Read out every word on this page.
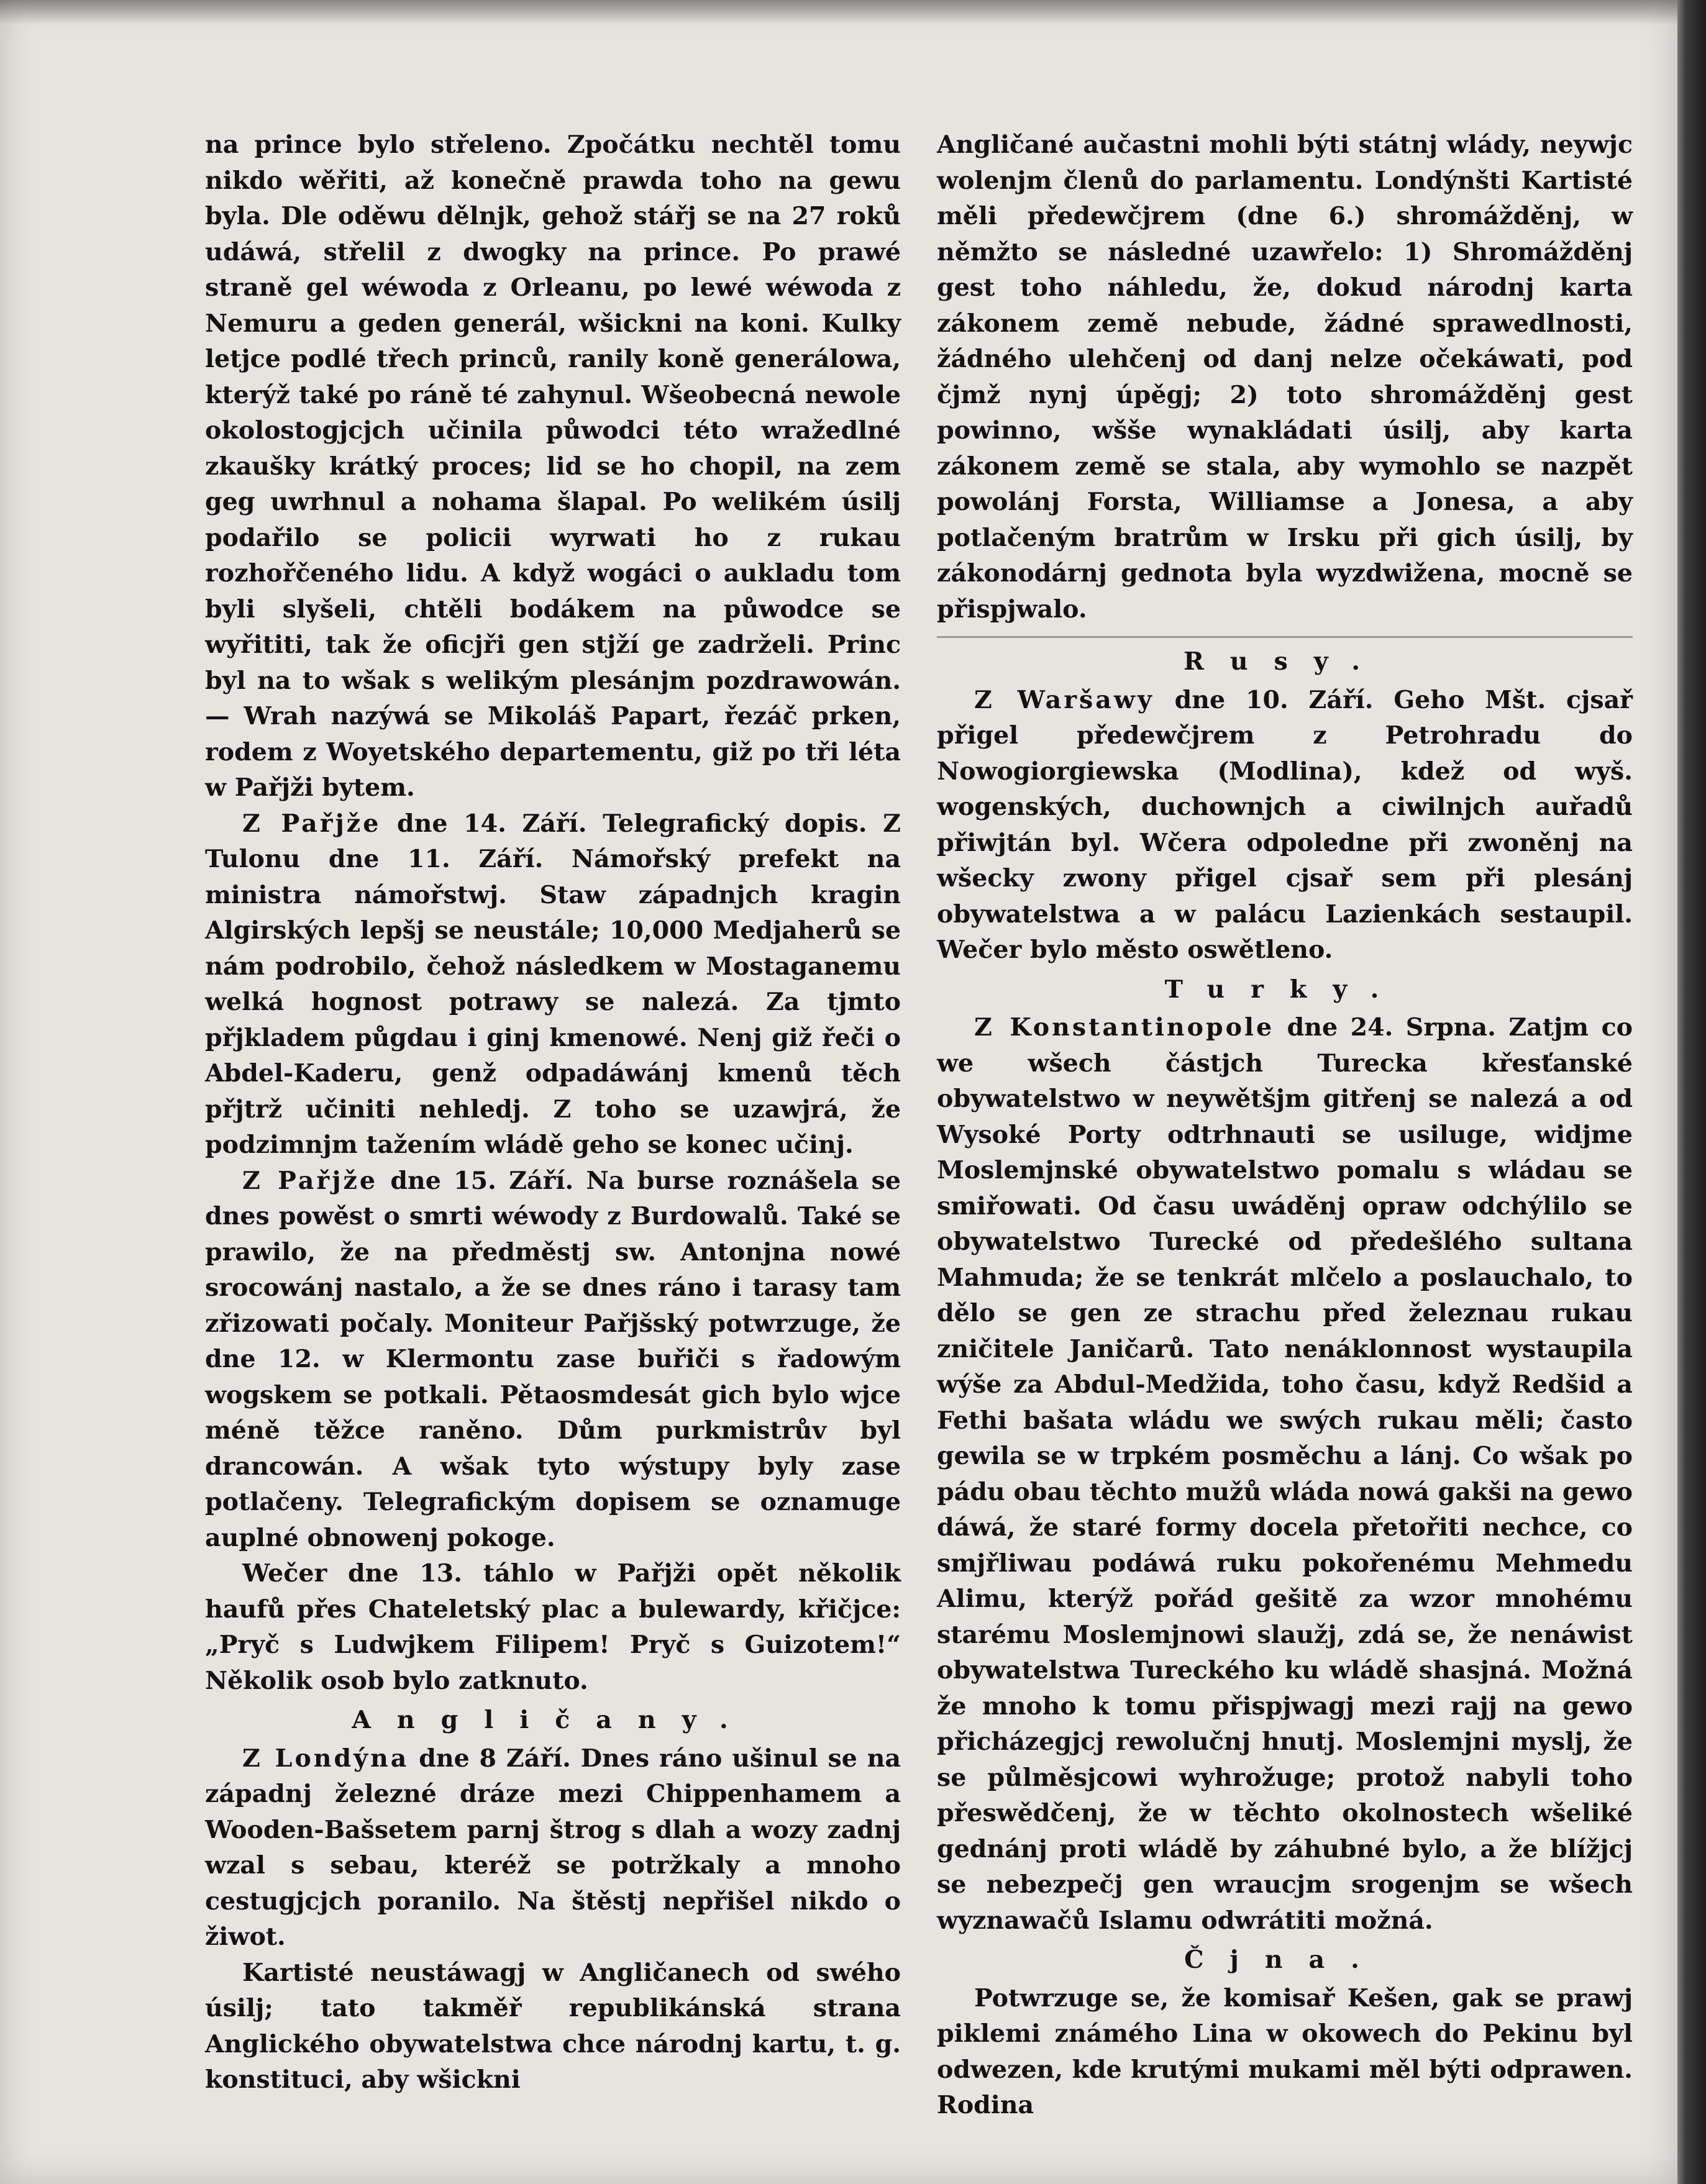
na prince bylo střeleno. Zpočátku nechtěl tomu nikdo wěřiti, až konečně prawda toho na gewu byla. Dle oděwu dělnjk, gehož stářj se na 27 roků udáwá, střelil z dwogky na prince. Po prawé straně gel wéwoda z Orleanu, po lewé wéwoda z Nemuru a geden generál, wšickni na koni. Kulky letjce podlé třech princů, ranily koně generálowa, kterýž také po ráně té zahynul. Wšeobecná newole okolostogjcjch učinila půwodci této wražedlné zkaušky krátký proces; lid se ho chopil, na zem geg uwrhnul a nohama šlapal. Po welikém úsilj podařilo se policii wyrwati ho z rukau rozhořčeného lidu. A když wogáci o aukladu tom byli slyšeli, chtěli bodákem na půwodce se wyřititi, tak že oficjři gen stjží ge zadrželi. Princ byl na to wšak s welikým plesánjm pozdrawowán. — Wrah nazýwá se Mikoláš Papart, řezáč prken, rodem z Woyetského departementu, giž po tři léta w Pařjži bytem.

Z Pařjže dne 14. Září. Telegrafický dopis. Z Tulonu dne 11. Září. Námořský prefekt na ministra námořstwj. Staw západnjch kragin Algirských lepšj se neustále; 10,000 Medjaherů se nám podrobilo, čehož následkem w Mostaganemu welká hognost potrawy se nalezá. Za tjmto přjkladem půgdau i ginj kmenowé. Nenj giž řeči o Abdel-Kaderu, genž odpadáwánj kmenů těch přjtrž učiniti nehledj. Z toho se uzawjrá, že podzimnjm tažením wládě geho se konec učinj.

Z Pařjže dne 15. Září. Na burse roznášela se dnes powěst o smrti wéwody z Burdowalů. Také se prawilo, že na předměstj sw. Antonjna nowé srocowánj nastalo, a že se dnes ráno i tarasy tam zřizowati počaly. Moniteur Pařjšský potwrzuge, že dne 12. w Klermontu zase buřiči s řadowým wogskem se potkali. Pětaosmdesát gich bylo wjce méně těžce raněno. Dům purkmistrův byl drancowán. A wšak tyto wýstupy byly zase potlačeny. Telegrafickým dopisem se oznamuge auplné obnowenj pokoge.

Wečer dne 13. táhlo w Pařjži opět několik haufů přes Chateletský plac a bulewardy, křičjce: „Pryč s Ludwjkem Filipem! Pryč s Guizotem!“ Několik osob bylo zatknuto.

Angličany.

Z Londýna dne 8 Září. Dnes ráno ušinul se na západnj železné dráze mezi Chippenhamem a Wooden-Bašsetem parnj štrog s dlah a wozy zadnj wzal s sebau, kteréž se potržkaly a mnoho cestugjcjch poranilo. Na štěstj nepřišel nikdo o žiwot.

Kartisté neustáwagj w Angličanech od swého úsilj; tato takměř republikánská strana Anglického obywatelstwa chce národnj kartu, t. g. konstituci, aby wšickni

Angličané aučastni mohli býti státnj wlády, neywjc wolenjm členů do parlamentu. Londýnšti Kartisté měli předewčjrem (dne 6.) shromážděnj, w němžto se následné uzawřelo: 1) Shromážděnj gest toho náhledu, že, dokud národnj karta zákonem země nebude, žádné sprawedlnosti, žádného ulehčenj od danj nelze očekáwati, pod čjmž nynj úpěgj; 2) toto shromážděnj gest powinno, wšše wynakládati úsilj, aby karta zákonem země se stala, aby wymohlo se nazpět powolánj Forsta, Williamse a Jonesa, a aby potlačeným bratrům w Irsku při gich úsilj, by zákonodárnj gednota byla wyzdwižena, mocně se přispjwalo.

Rusy.

Z Waršawy dne 10. Září. Geho Mšt. cjsař přigel předewčjrem z Petrohradu do Nowogiorgiewska (Modlina), kdež od wyš. wogenských, duchownjch a ciwilnjch auřadů přiwjtán byl. Wčera odpoledne při zwoněnj na wšecky zwony přigel cjsař sem při plesánj obywatelstwa a w palácu Lazienkách sestaupil. Wečer bylo město oswětleno.

Turky.

Z Konstantinopole dne 24. Srpna. Zatjm co we wšech částjch Turecka křesťanské obywatelstwo w neywětšjm gitřenj se nalezá a od Wysoké Porty odtrhnauti se usiluge, widjme Moslemjnské obywatelstwo pomalu s wládau se smiřowati. Od času uwáděnj opraw odchýlilo se obywatelstwo Turecké od předešlého sultana Mahmuda; že se tenkrát mlčelo a poslauchalo, to dělo se gen ze strachu před železnau rukau zničitele Janičarů. Tato nenáklonnost wystaupila wýše za Abdul-Medžida, toho času, když Redšid a Fethi bašata wládu we swých rukau měli; často gewila se w trpkém posměchu a lánj. Co wšak po pádu obau těchto mužů wláda nowá gakši na gewo dáwá, že staré formy docela přetořiti nechce, co smjřliwau podáwá ruku pokořenému Mehmedu Alimu, kterýž pořád gešitě za wzor mnohému starému Moslemjnowi slaužj, zdá se, že nenáwist obywatelstwa Tureckého ku wládě shasjná. Možná že mnoho k tomu přispjwagj mezi rajj na gewo přicházegjcj rewolučnj hnutj. Moslemjni myslj, že se půlměsjcowi wyhrožuge; protož nabyli toho přeswědčenj, že w těchto okolnostech wšeliké gednánj proti wládě by záhubné bylo, a že blížjcj se nebezpečj gen wraucjm srogenjm se wšech wyznawačů Islamu odwrátiti možná.

Čjna.

Potwrzuge se, že komisař Kešen, gak se prawj piklemi známého Lina w okowech do Pekinu byl odwezen, kde krutými mukami měl býti odprawen. Rodina
